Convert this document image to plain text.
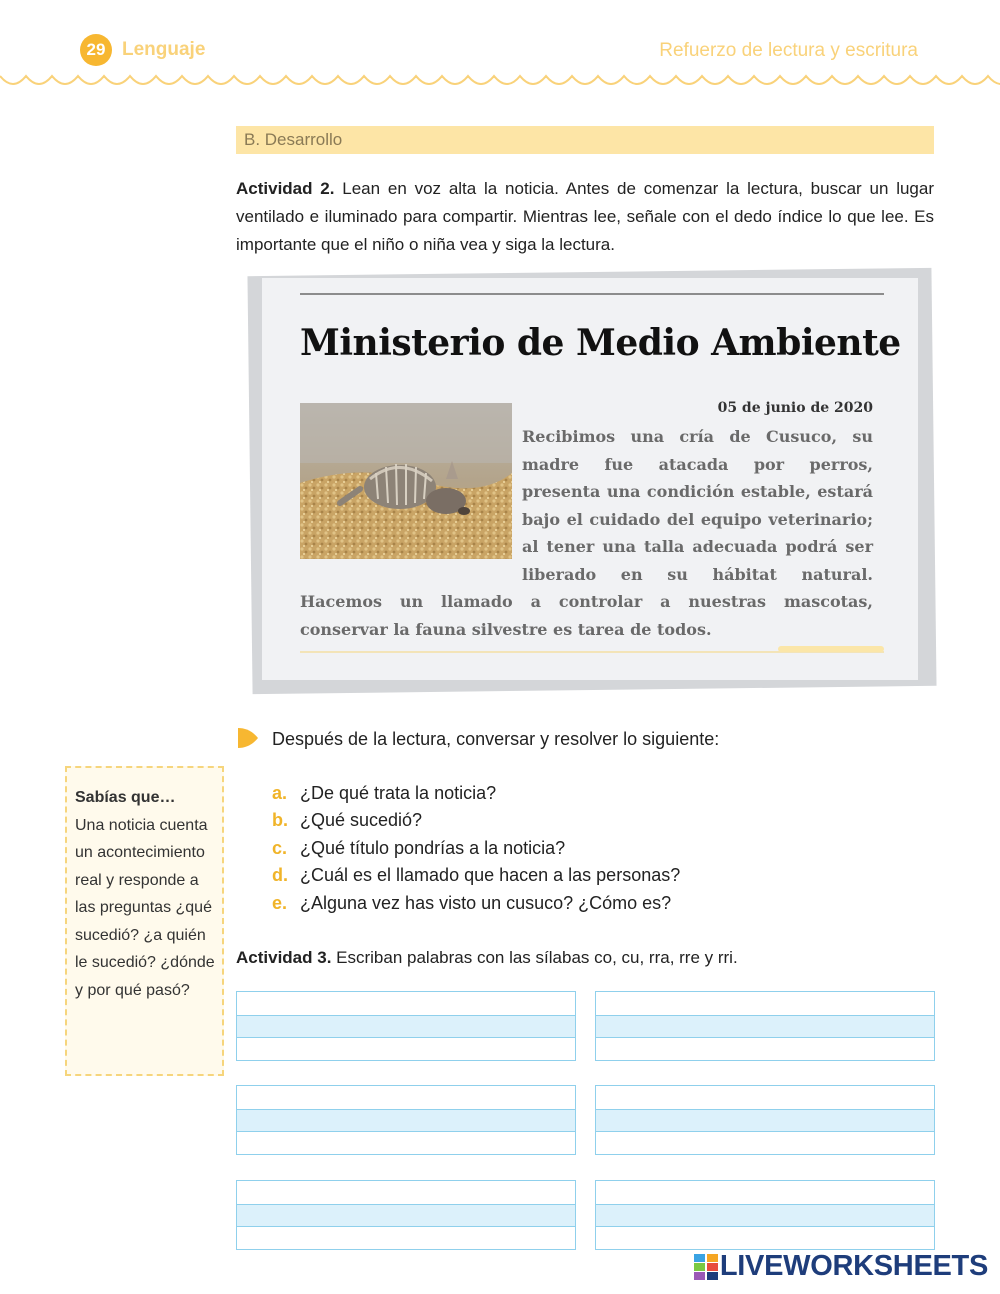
29 Lenguaje	Refuerzo de lectura y escritura
B. Desarrollo
Actividad 2. Lean en voz alta la noticia. Antes de comenzar la lectura, buscar un lugar ventilado e iluminado para compartir. Mientras lee, señale con el dedo índice lo que lee. Es importante que el niño o niña vea y siga la lectura.
Ministerio de Medio Ambiente
05 de junio de 2020
Recibimos una cría de Cusuco, su madre fue atacada por perros, presenta una condición estable, estará bajo el cuidado del equipo veterinario; al tener una talla adecuada podrá ser liberado en su hábitat natural. Hacemos un llamado a controlar a nuestras mascotas, conservar la fauna silvestre es tarea de todos.
Después de la lectura, conversar y resolver lo siguiente:
Sabías que…
Una noticia cuenta un acontecimiento real y responde a las preguntas ¿qué sucedió? ¿a quién le sucedió? ¿dónde y por qué pasó?
a. ¿De qué trata la noticia?
b. ¿Qué sucedió?
c. ¿Qué título pondrías a la noticia?
d. ¿Cuál es el llamado que hacen a las personas?
e. ¿Alguna vez has visto un cusuco? ¿Cómo es?
Actividad 3. Escriban palabras con las sílabas co, cu, rra, rre y rri.
LIVEWORKSHEETS
